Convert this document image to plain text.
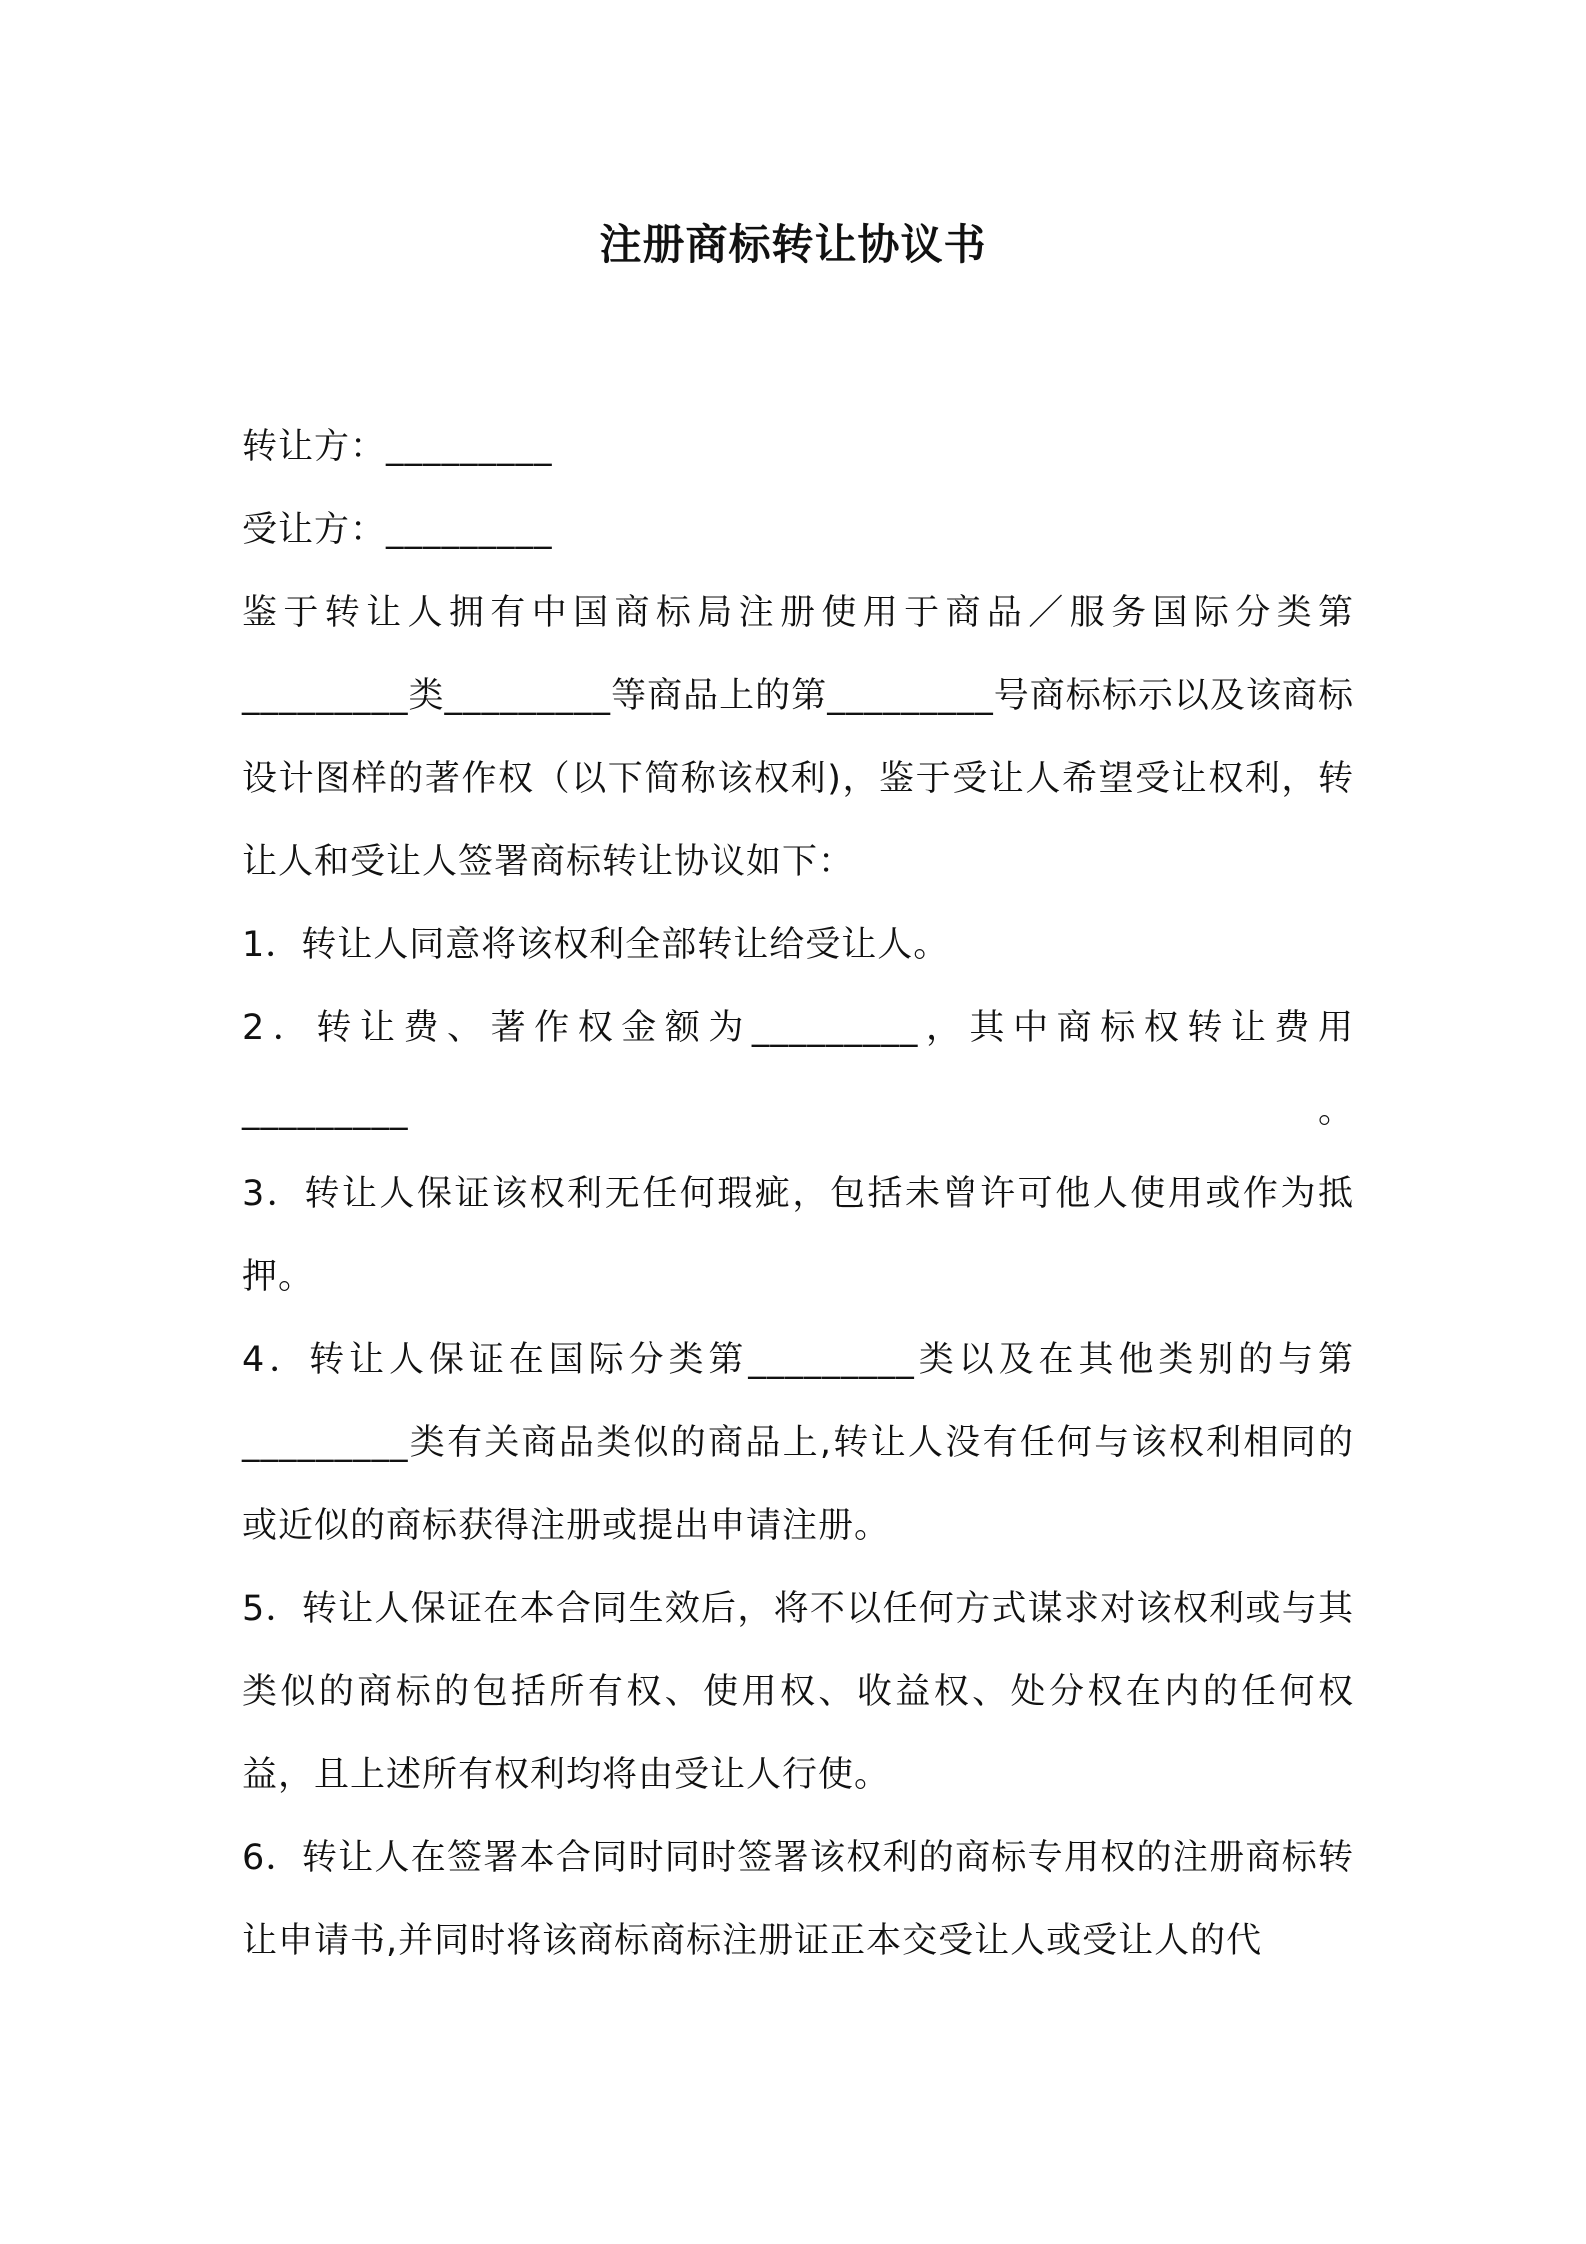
注册商标转让协议书

转让方：_________

受让方：_________

鉴于转让人拥有中国商标局注册使用于商品／服务国际分类第_________类_________等商品上的第_________号商标标示以及该商标设计图样的著作权（以下简称该权利)，鉴于受让人希望受让权利，转让人和受让人签署商标转让协议如下：

1．转让人同意将该权利全部转让给受让人。

2．转让费、著作权金额为_________，其中商标权转让费用_________。

3．转让人保证该权利无任何瑕疵，包括未曾许可他人使用或作为抵押。

4．转让人保证在国际分类第_________类以及在其他类别的与第_________类有关商品类似的商品上,转让人没有任何与该权利相同的或近似的商标获得注册或提出申请注册。

5．转让人保证在本合同生效后，将不以任何方式谋求对该权利或与其类似的商标的包括所有权、使用权、收益权、处分权在内的任何权益，且上述所有权利均将由受让人行使。

6．转让人在签署本合同时同时签署该权利的商标专用权的注册商标转让申请书,并同时将该商标商标注册证正本交受让人或受让人的代
